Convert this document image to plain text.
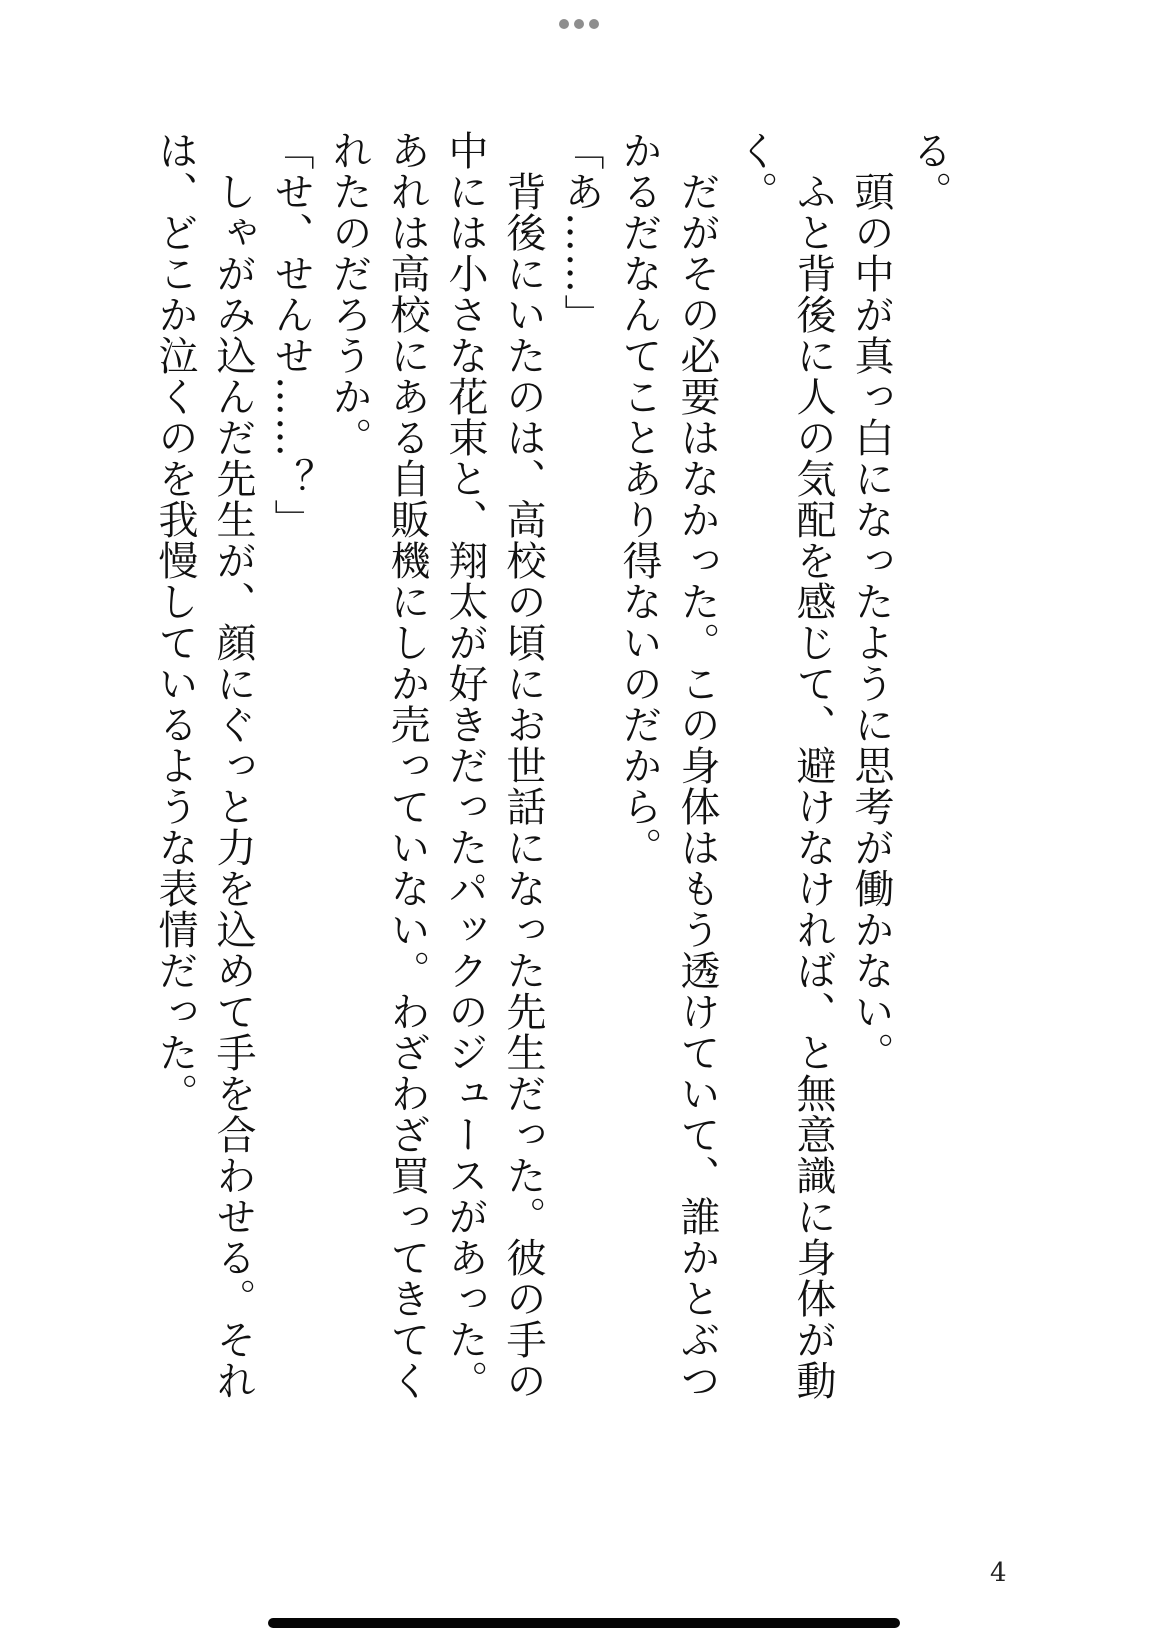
る。
　頭の中が真っ白になったように思考が働かない。
　ふと背後に人の気配を感じて、避けなければ、と無意識に身体が動
く。
　だがその必要はなかった。この身体はもう透けていて、誰かとぶつ
かるだなんてことあり得ないのだから。
「あ……」
　背後にいたのは、高校の頃にお世話になった先生だった。彼の手の
中には小さな花束と、翔太が好きだったパックのジュースがあった。
あれは高校にある自販機にしか売っていない。わざわざ買ってきてく
れたのだろうか。
「せ、せんせ……？」
　しゃがみ込んだ先生が、顔にぐっと力を込めて手を合わせる。それ
は、どこか泣くのを我慢しているような表情だった。
4
